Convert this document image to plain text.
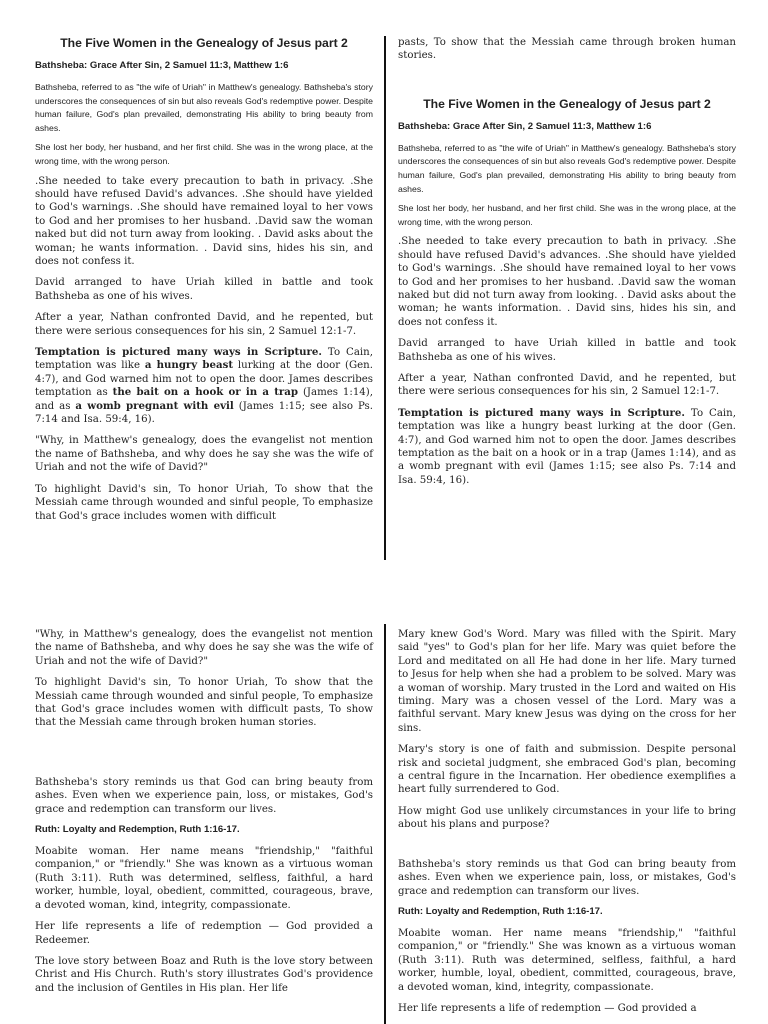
The Five Women in the Genealogy of Jesus part 2

Bathsheba: Grace After Sin, 2 Samuel 11:3, Matthew 1:6

Bathsheba, referred to as "the wife of Uriah" in Matthew's genealogy. Bathsheba's story underscores the consequences of sin but also reveals God's redemptive power. Despite human failure, God's plan prevailed, demonstrating His ability to bring beauty from ashes.

She lost her body, her husband, and her first child. She was in the wrong place, at the wrong time, with the wrong person.

.She needed to take every precaution to bath in privacy. .She should have refused David's advances. .She should have yielded to God's warnings. .She should have remained loyal to her vows to God and her promises to her husband. .David saw the woman naked but did not turn away from looking. . David asks about the woman; he wants information. . David sins, hides his sin, and does not confess it.

David arranged to have Uriah killed in battle and took Bathsheba as one of his wives.

After a year, Nathan confronted David, and he repented, but there were serious consequences for his sin, 2 Samuel 12:1-7.

Temptation is pictured many ways in Scripture. To Cain, temptation was like a hungry beast lurking at the door (Gen. 4:7), and God warned him not to open the door. James describes temptation as the bait on a hook or in a trap (James 1:14), and as a womb pregnant with evil (James 1:15; see also Ps. 7:14 and Isa. 59:4, 16).

"Why, in Matthew's genealogy, does the evangelist not mention the name of Bathsheba, and why does he say she was the wife of Uriah and not the wife of David?"

To highlight David's sin, To honor Uriah, To show that the Messiah came through wounded and sinful people, To emphasize that God's grace includes women with difficult

pasts, To show that the Messiah came through broken human stories.

The Five Women in the Genealogy of Jesus part 2

Bathsheba: Grace After Sin, 2 Samuel 11:3, Matthew 1:6

Bathsheba, referred to as "the wife of Uriah" in Matthew's genealogy. Bathsheba's story underscores the consequences of sin but also reveals God's redemptive power. Despite human failure, God's plan prevailed, demonstrating His ability to bring beauty from ashes.

She lost her body, her husband, and her first child. She was in the wrong place, at the wrong time, with the wrong person.

.She needed to take every precaution to bath in privacy. .She should have refused David's advances. .She should have yielded to God's warnings. .She should have remained loyal to her vows to God and her promises to her husband. .David saw the woman naked but did not turn away from looking. . David asks about the woman; he wants information. . David sins, hides his sin, and does not confess it.

David arranged to have Uriah killed in battle and took Bathsheba as one of his wives.

After a year, Nathan confronted David, and he repented, but there were serious consequences for his sin, 2 Samuel 12:1-7.

Temptation is pictured many ways in Scripture. To Cain, temptation was like a hungry beast lurking at the door (Gen. 4:7), and God warned him not to open the door. James describes temptation as the bait on a hook or in a trap (James 1:14), and as a womb pregnant with evil (James 1:15; see also Ps. 7:14 and Isa. 59:4, 16).

"Why, in Matthew's genealogy, does the evangelist not mention the name of Bathsheba, and why does he say she was the wife of Uriah and not the wife of David?"

To highlight David's sin, To honor Uriah, To show that the Messiah came through wounded and sinful people, To emphasize that God's grace includes women with difficult pasts, To show that the Messiah came through broken human stories.

Bathsheba's story reminds us that God can bring beauty from ashes. Even when we experience pain, loss, or mistakes, God's grace and redemption can transform our lives.

Ruth: Loyalty and Redemption, Ruth 1:16-17.

Moabite woman. Her name means "friendship," "faithful companion," or "friendly." She was known as a virtuous woman (Ruth 3:11). Ruth was determined, selfless, faithful, a hard worker, humble, loyal, obedient, committed, courageous, brave, a devoted woman, kind, integrity, compassionate.

Her life represents a life of redemption — God provided a Redeemer.

The love story between Boaz and Ruth is the love story between Christ and His Church. Ruth's story illustrates God's providence and the inclusion of Gentiles in His plan. Her life

Mary knew God's Word. Mary was filled with the Spirit. Mary said "yes" to God's plan for her life. Mary was quiet before the Lord and meditated on all He had done in her life. Mary turned to Jesus for help when she had a problem to be solved. Mary was a woman of worship. Mary trusted in the Lord and waited on His timing. Mary was a chosen vessel of the Lord. Mary was a faithful servant. Mary knew Jesus was dying on the cross for her sins.

Mary's story is one of faith and submission. Despite personal risk and societal judgment, she embraced God's plan, becoming a central figure in the Incarnation. Her obedience exemplifies a heart fully surrendered to God.

How might God use unlikely circumstances in your life to bring about his plans and purpose?

Bathsheba's story reminds us that God can bring beauty from ashes. Even when we experience pain, loss, or mistakes, God's grace and redemption can transform our lives.

Ruth: Loyalty and Redemption, Ruth 1:16-17.

Moabite woman. Her name means "friendship," "faithful companion," or "friendly." She was known as a virtuous woman (Ruth 3:11). Ruth was determined, selfless, faithful, a hard worker, humble, loyal, obedient, committed, courageous, brave, a devoted woman, kind, integrity, compassionate.

Her life represents a life of redemption — God provided a
